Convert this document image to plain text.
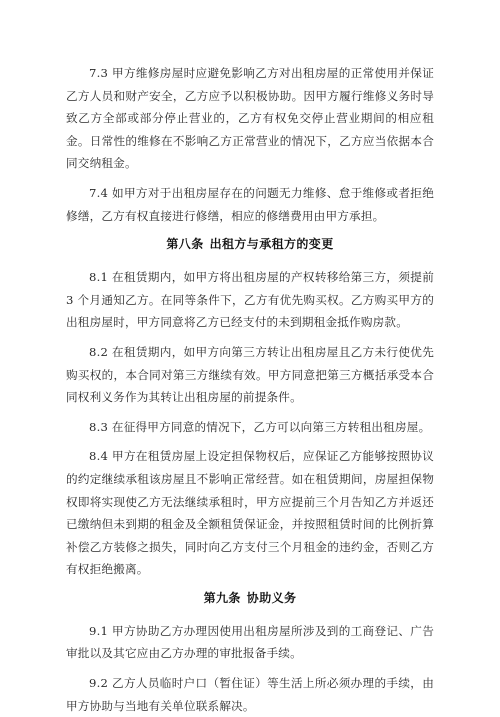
7.3 甲方维修房屋时应避免影响乙方对出租房屋的正常使用并保证乙方人员和财产安全，乙方应予以积极协助。因甲方履行维修义务时导致乙方全部或部分停止营业的，乙方有权免交停止营业期间的相应租金。日常性的维修在不影响乙方正常营业的情况下，乙方应当依据本合同交纳租金。

7.4 如甲方对于出租房屋存在的问题无力维修、怠于维修或者拒绝修缮，乙方有权直接进行修缮，相应的修缮费用由甲方承担。

第八条 出租方与承租方的变更

8.1 在租赁期内，如甲方将出租房屋的产权转移给第三方，须提前 3 个月通知乙方。在同等条件下，乙方有优先购买权。乙方购买甲方的出租房屋时，甲方同意将乙方已经支付的未到期租金抵作购房款。

8.2 在租赁期内，如甲方向第三方转让出租房屋且乙方未行使优先购买权的，本合同对第三方继续有效。甲方同意把第三方概括承受本合同权利义务作为其转让出租房屋的前提条件。

8.3 在征得甲方同意的情况下，乙方可以向第三方转租出租房屋。

8.4 甲方在租赁房屋上设定担保物权后，应保证乙方能够按照协议的约定继续承租该房屋且不影响正常经营。如在租赁期间，房屋担保物权即将实现使乙方无法继续承租时，甲方应提前三个月告知乙方并返还已缴纳但未到期的租金及全额租赁保证金，并按照租赁时间的比例折算补偿乙方装修之损失，同时向乙方支付三个月租金的违约金，否则乙方有权拒绝搬离。

第九条 协助义务

9.1 甲方协助乙方办理因使用出租房屋所涉及到的工商登记、广告审批以及其它应由乙方办理的审批报备手续。

9.2 乙方人员临时户口（暂住证）等生活上所必须办理的手续，由甲方协助与当地有关单位联系解决。
